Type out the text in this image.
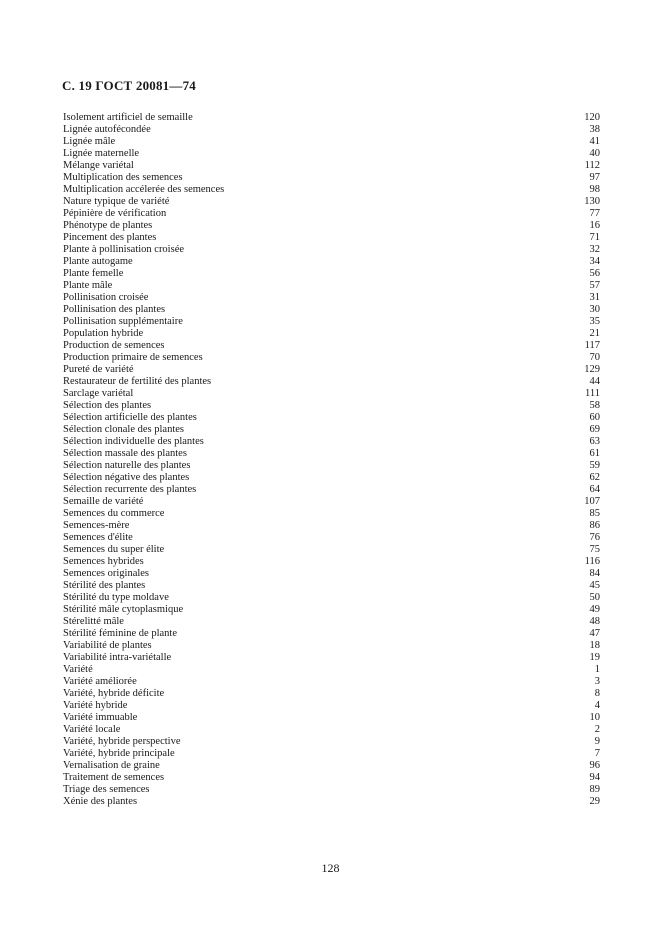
С. 19 ГОСТ 20081—74
Isolement artificiel de semaille	120
Lignée autofécondée	38
Lignée mâle	41
Lignée maternelle	40
Mélange variétal	112
Multiplication des semences	97
Multiplication accélerée des semences	98
Nature typique de variété	130
Pépinière de vérification	77
Phénotype de plantes	16
Pincement des plantes	71
Plante à pollinisation croisée	32
Plante autogame	34
Plante femelle	56
Plante mâle	57
Pollinisation croisée	31
Pollinisation des plantes	30
Pollinisation supplémentaire	35
Population hybride	21
Production de semences	117
Production primaire de semences	70
Pureté de variété	129
Restaurateur de fertilité des plantes	44
Sarclage variétal	111
Sélection des plantes	58
Sélection artificielle des plantes	60
Sélection clonale des plantes	69
Sélection individuelle des plantes	63
Sélection massale des plantes	61
Sélection naturelle des plantes	59
Sélection négative des plantes	62
Sélection recurrente des plantes	64
Semaille de variété	107
Semences du commerce	85
Semences-mère	86
Semences d'élite	76
Semences du super élite	75
Semences hybrides	116
Semences originales	84
Stérilité des plantes	45
Stérilité du type moldave	50
Stérilité mâle cytoplasmique	49
Stérelitté mâle	48
Stérilité féminine de plante	47
Variabilité de plantes	18
Variabilité intra-variétalle	19
Variété	1
Variété améliorée	3
Variété, hybride déficite	8
Variété hybride	4
Variété immuable	10
Variété locale	2
Variété, hybride perspective	9
Variété, hybride principale	7
Vernalisation de graine	96
Traitement de semences	94
Triage des semences	89
Xénie des plantes	29
128
